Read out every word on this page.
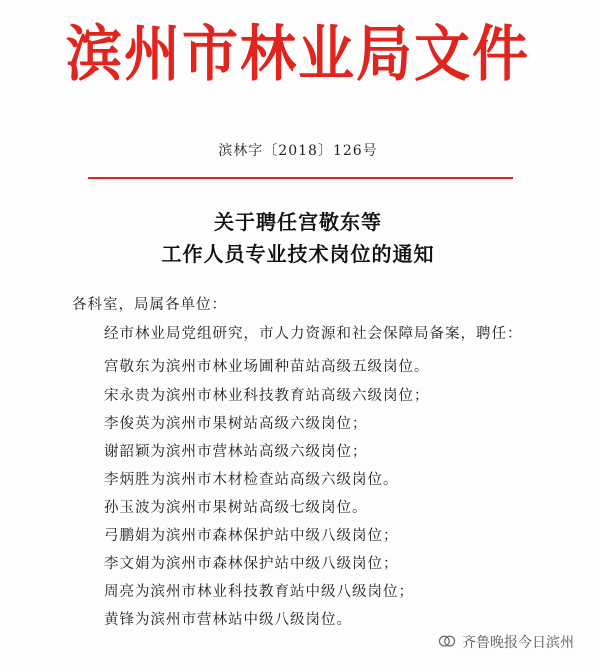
滨州市林业局文件
滨林字〔2018〕126号
关于聘任宫敬东等
工作人员专业技术岗位的通知
各科室，局属各单位：
经市林业局党组研究，市人力资源和社会保障局备案，聘任：
宫敬东为滨州市林业场圃种苗站高级五级岗位。
宋永贵为滨州市林业科技教育站高级六级岗位；
李俊英为滨州市果树站高级六级岗位；
谢韶颖为滨州市营林站高级六级岗位；
李炳胜为滨州市木材检查站高级六级岗位。
孙玉波为滨州市果树站高级七级岗位。
弓鹏娟为滨州市森林保护站中级八级岗位；
李文娟为滨州市森林保护站中级八级岗位；
周亮为滨州市林业科技教育站中级八级岗位；
黄锋为滨州市营林站中级八级岗位。
齐鲁晚报今日滨州
